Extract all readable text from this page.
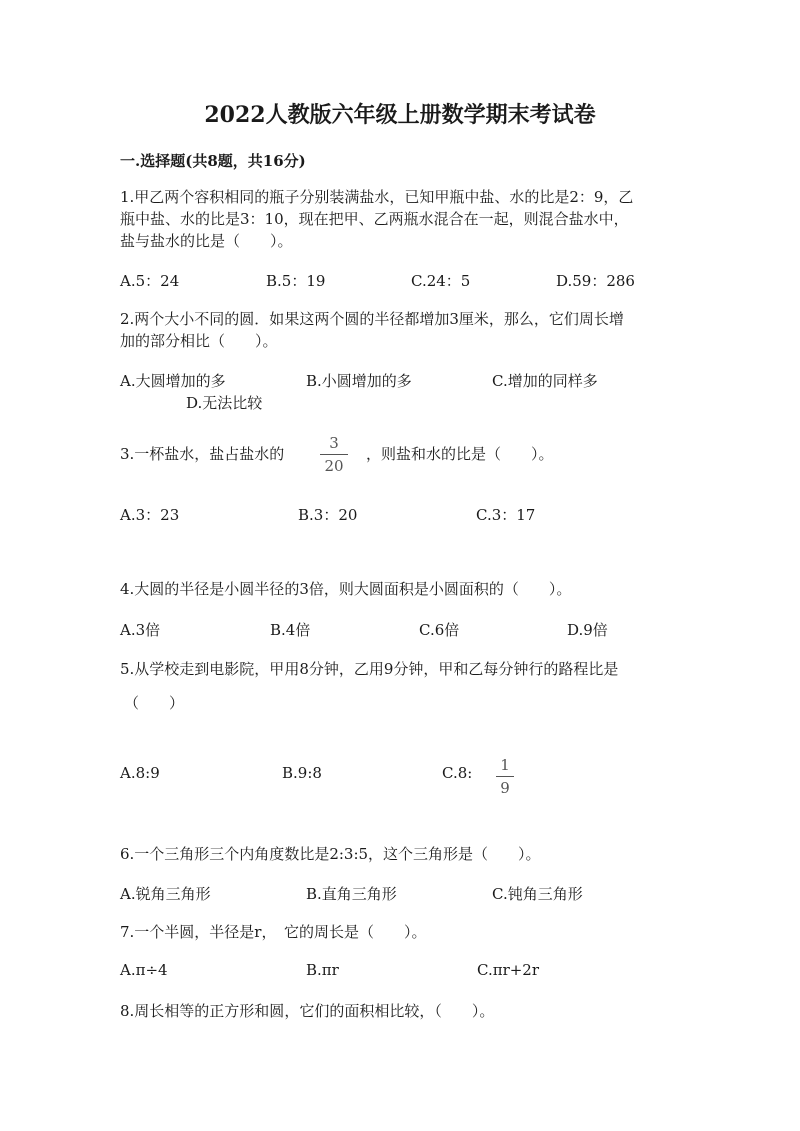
2022人教版六年级上册数学期末考试卷
一.选择题(共8题，共16分)
1.甲乙两个容积相同的瓶子分别装满盐水，已知甲瓶中盐、水的比是2：9，乙
瓶中盐、水的比是3：10，现在把甲、乙两瓶水混合在一起，则混合盐水中，
盐与盐水的比是（　　）。
A.5：24	B.5：19	C.24：5	D.59：286
2.两个大小不同的圆．如果这两个圆的半径都增加3厘米，那么，它们周长增
加的部分相比（　　）。
A.大圆增加的多	B.小圆增加的多	C.增加的同样多
D.无法比较
3.一杯盐水，盐占盐水的
3
20
，则盐和水的比是（　　）。
A.3：23	B.3：20	C.3：17
4.大圆的半径是小圆半径的3倍，则大圆面积是小圆面积的（　　）。
A.3倍	B.4倍	C.6倍	D.9倍
5.从学校走到电影院，甲用8分钟，乙用9分钟，甲和乙每分钟行的路程比是
（　　）
A.8:9	B.9:8	C.8: 1
9
6.一个三角形三个内角度数比是2:3:5，这个三角形是（　　）。
A.锐角三角形	B.直角三角形	C.钝角三角形
7.一个半圆，半径是r，　它的周长是（　　）。
A.π÷4	B.πr	C.πr+2r
8.周长相等的正方形和圆，它们的面积相比较，（　　）。
